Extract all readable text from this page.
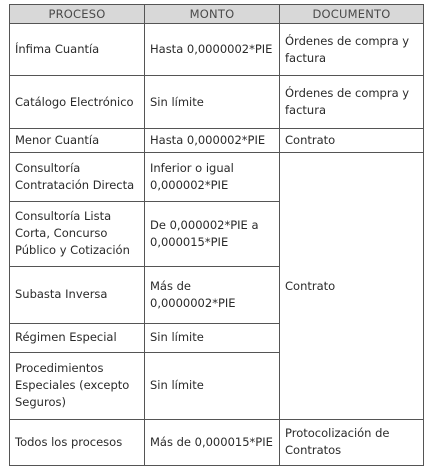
PROCESO	MONTO	DOCUMENTO
Ínfima Cuantía	Hasta 0,0000002*PIE	Órdenes de compra y factura
Catálogo Electrónico	Sin límite	Órdenes de compra y factura
Menor Cuantía	Hasta 0,000002*PIE	Contrato
Consultoría Contratación Directa	Inferior o igual 0,000002*PIE	Contrato
Consultoría Lista Corta, Concurso Público y Cotización	De 0,000002*PIE a 0,000015*PIE	
Subasta Inversa	Más de 0,0000002*PIE	
Régimen Especial	Sin límite	
Procedimientos Especiales (excepto Seguros)	Sin límite	
Todos los procesos	Más de 0,000015*PIE	Protocolización de Contratos
